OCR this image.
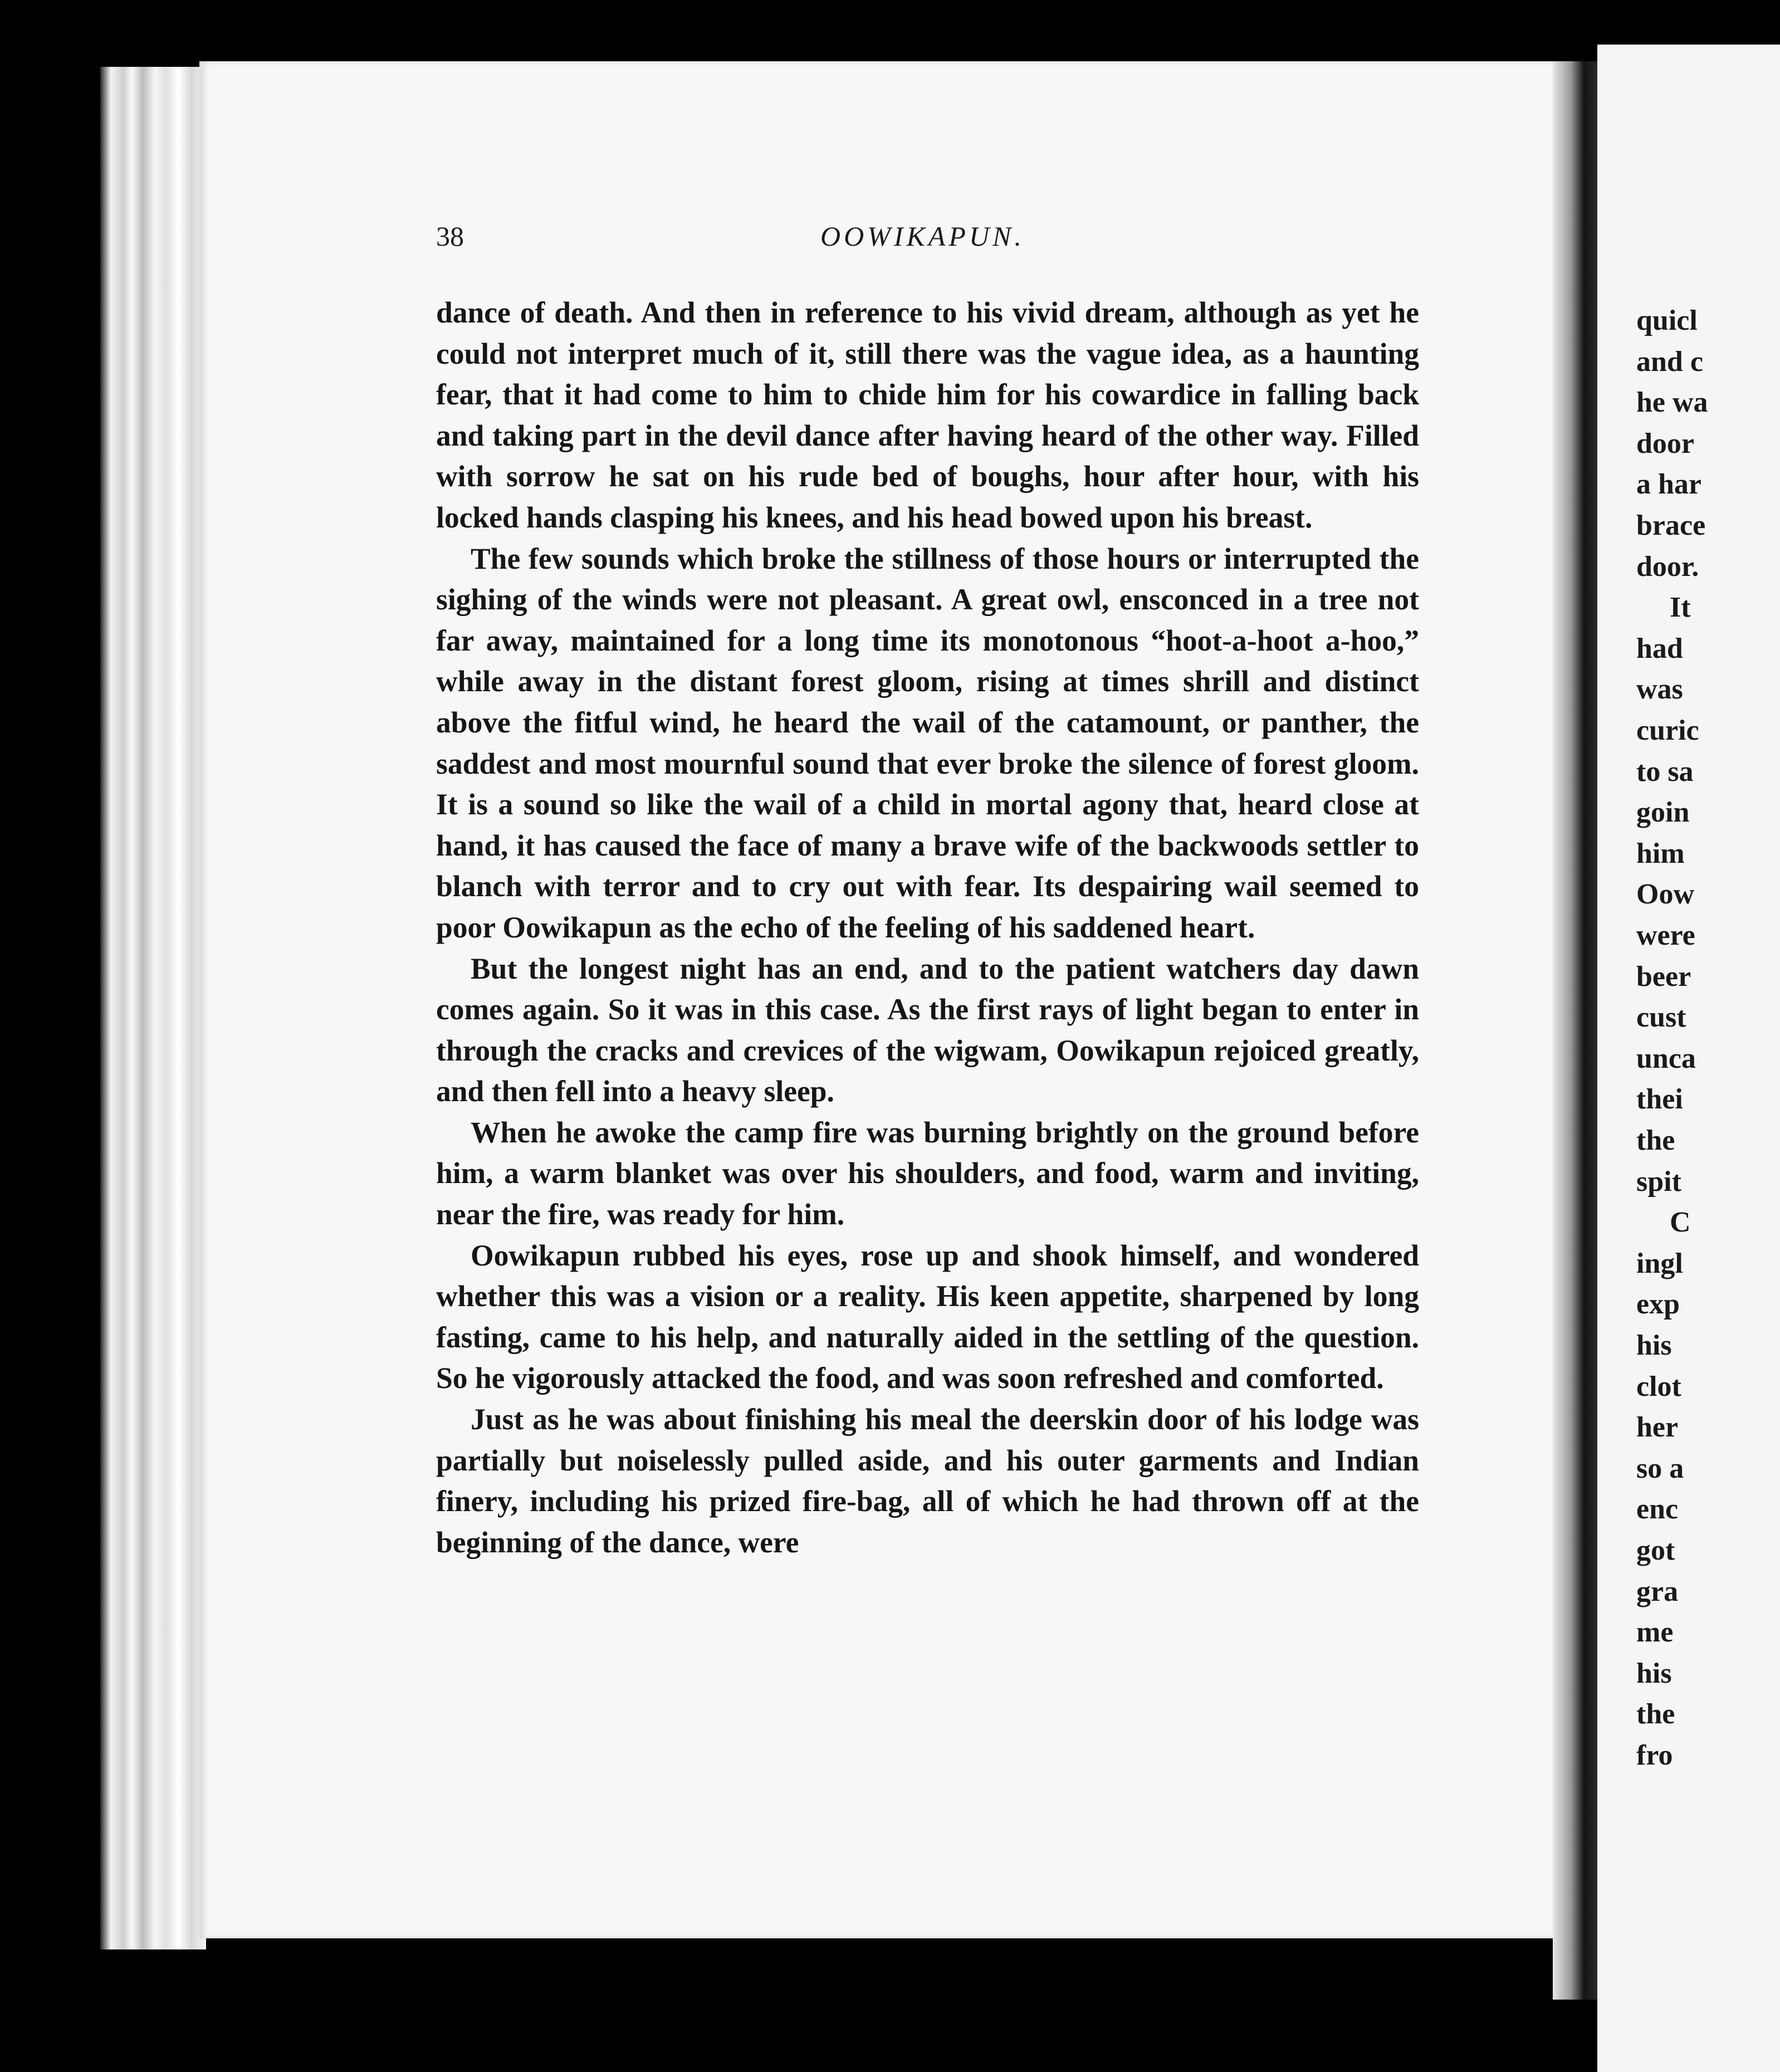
38	OOWIKAPUN.

dance of death. And then in reference to his vivid dream, although as yet he could not interpret much of it, still there was the vague idea, as a haunting fear, that it had come to him to chide him for his cowardice in falling back and taking part in the devil dance after having heard of the other way. Filled with sorrow he sat on his rude bed of boughs, hour after hour, with his locked hands clasping his knees, and his head bowed upon his breast.

The few sounds which broke the stillness of those hours or interrupted the sighing of the winds were not pleasant. A great owl, ensconced in a tree not far away, maintained for a long time its monotonous “hoot-a-hoot a-hoo,” while away in the distant forest gloom, rising at times shrill and distinct above the fitful wind, he heard the wail of the catamount, or panther, the saddest and most mournful sound that ever broke the silence of forest gloom. It is a sound so like the wail of a child in mortal agony that, heard close at hand, it has caused the face of many a brave wife of the backwoods settler to blanch with terror and to cry out with fear. Its despairing wail seemed to poor Oowikapun as the echo of the feeling of his saddened heart.

But the longest night has an end, and to the patient watchers day dawn comes again. So it was in this case. As the first rays of light began to enter in through the cracks and crevices of the wigwam, Oowikapun rejoiced greatly, and then fell into a heavy sleep.

When he awoke the camp fire was burning brightly on the ground before him, a warm blanket was over his shoulders, and food, warm and inviting, near the fire, was ready for him.

Oowikapun rubbed his eyes, rose up and shook himself, and wondered whether this was a vision or a reality. His keen appetite, sharpened by long fasting, came to his help, and naturally aided in the settling of the question. So he vigorously attacked the food, and was soon refreshed and comforted.

Just as he was about finishing his meal the deerskin door of his lodge was partially but noiselessly pulled aside, and his outer garments and Indian finery, including his prized fire-bag, all of which he had thrown off at the beginning of the dance, were

quicl
and c
he wa
door
a har
brace
door.
It
had
was
curic
to sa
goin
him
Oow
were
beer
cust
unca
thei
the
spit
C
ingl
exp
his
clot
her
so a
enc
got
gra
me
his
the
fro
